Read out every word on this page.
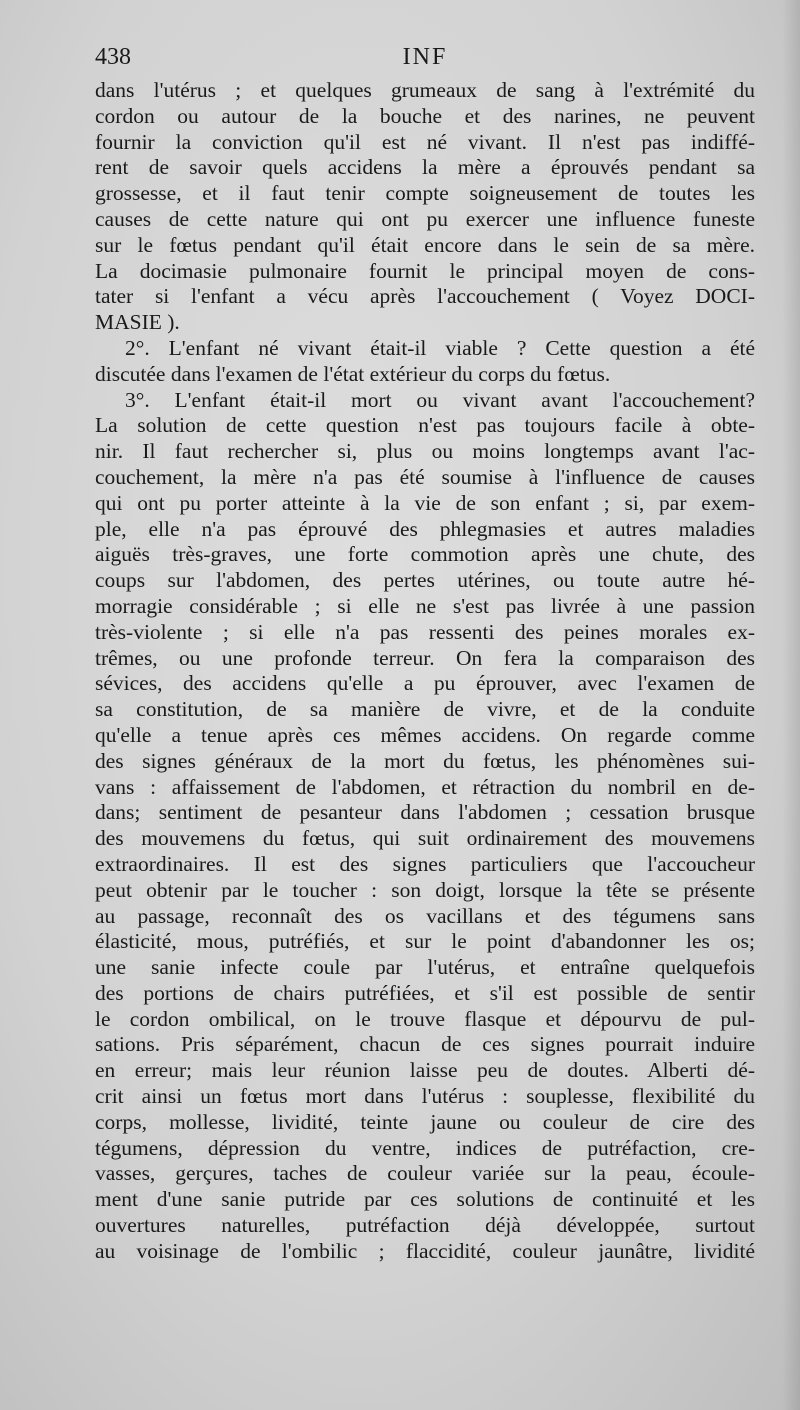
438	INF
dans l'utérus ; et quelques grumeaux de sang à l'extrémité du
cordon ou autour de la bouche et des narines, ne peuvent
fournir la conviction qu'il est né vivant. Il n'est pas indiffé-
rent de savoir quels accidens la mère a éprouvés pendant sa
grossesse, et il faut tenir compte soigneusement de toutes les
causes de cette nature qui ont pu exercer une influence funeste
sur le fœtus pendant qu'il était encore dans le sein de sa mère.
La docimasie pulmonaire fournit le principal moyen de cons-
tater si l'enfant a vécu après l'accouchement ( Voyez DOCI-
MASIE ).
2°. L'enfant né vivant était-il viable ? Cette question a été
discutée dans l'examen de l'état extérieur du corps du fœtus.
3°. L'enfant était-il mort ou vivant avant l'accouchement?
La solution de cette question n'est pas toujours facile à obte-
nir. Il faut rechercher si, plus ou moins longtemps avant l'ac-
couchement, la mère n'a pas été soumise à l'influence de causes
qui ont pu porter atteinte à la vie de son enfant ; si, par exem-
ple, elle n'a pas éprouvé des phlegmasies et autres maladies
aiguës très-graves, une forte commotion après une chute, des
coups sur l'abdomen, des pertes utérines, ou toute autre hé-
morragie considérable ; si elle ne s'est pas livrée à une passion
très-violente ; si elle n'a pas ressenti des peines morales ex-
trêmes, ou une profonde terreur. On fera la comparaison des
sévices, des accidens qu'elle a pu éprouver, avec l'examen de
sa constitution, de sa manière de vivre, et de la conduite
qu'elle a tenue après ces mêmes accidens. On regarde comme
des signes généraux de la mort du fœtus, les phénomènes sui-
vans : affaissement de l'abdomen, et rétraction du nombril en de-
dans; sentiment de pesanteur dans l'abdomen ; cessation brusque
des mouvemens du fœtus, qui suit ordinairement des mouvemens
extraordinaires. Il est des signes particuliers que l'accoucheur
peut obtenir par le toucher : son doigt, lorsque la tête se présente
au passage, reconnaît des os vacillans et des tégumens sans
élasticité, mous, putréfiés, et sur le point d'abandonner les os;
une sanie infecte coule par l'utérus, et entraîne quelquefois
des portions de chairs putréfiées, et s'il est possible de sentir
le cordon ombilical, on le trouve flasque et dépourvu de pul-
sations. Pris séparément, chacun de ces signes pourrait induire
en erreur; mais leur réunion laisse peu de doutes. Alberti dé-
crit ainsi un fœtus mort dans l'utérus : souplesse, flexibilité du
corps, mollesse, lividité, teinte jaune ou couleur de cire des
tégumens, dépression du ventre, indices de putréfaction, cre-
vasses, gerçures, taches de couleur variée sur la peau, écoule-
ment d'une sanie putride par ces solutions de continuité et les
ouvertures naturelles, putréfaction déjà développée, surtout
au voisinage de l'ombilic ; flaccidité, couleur jaunâtre, lividité
